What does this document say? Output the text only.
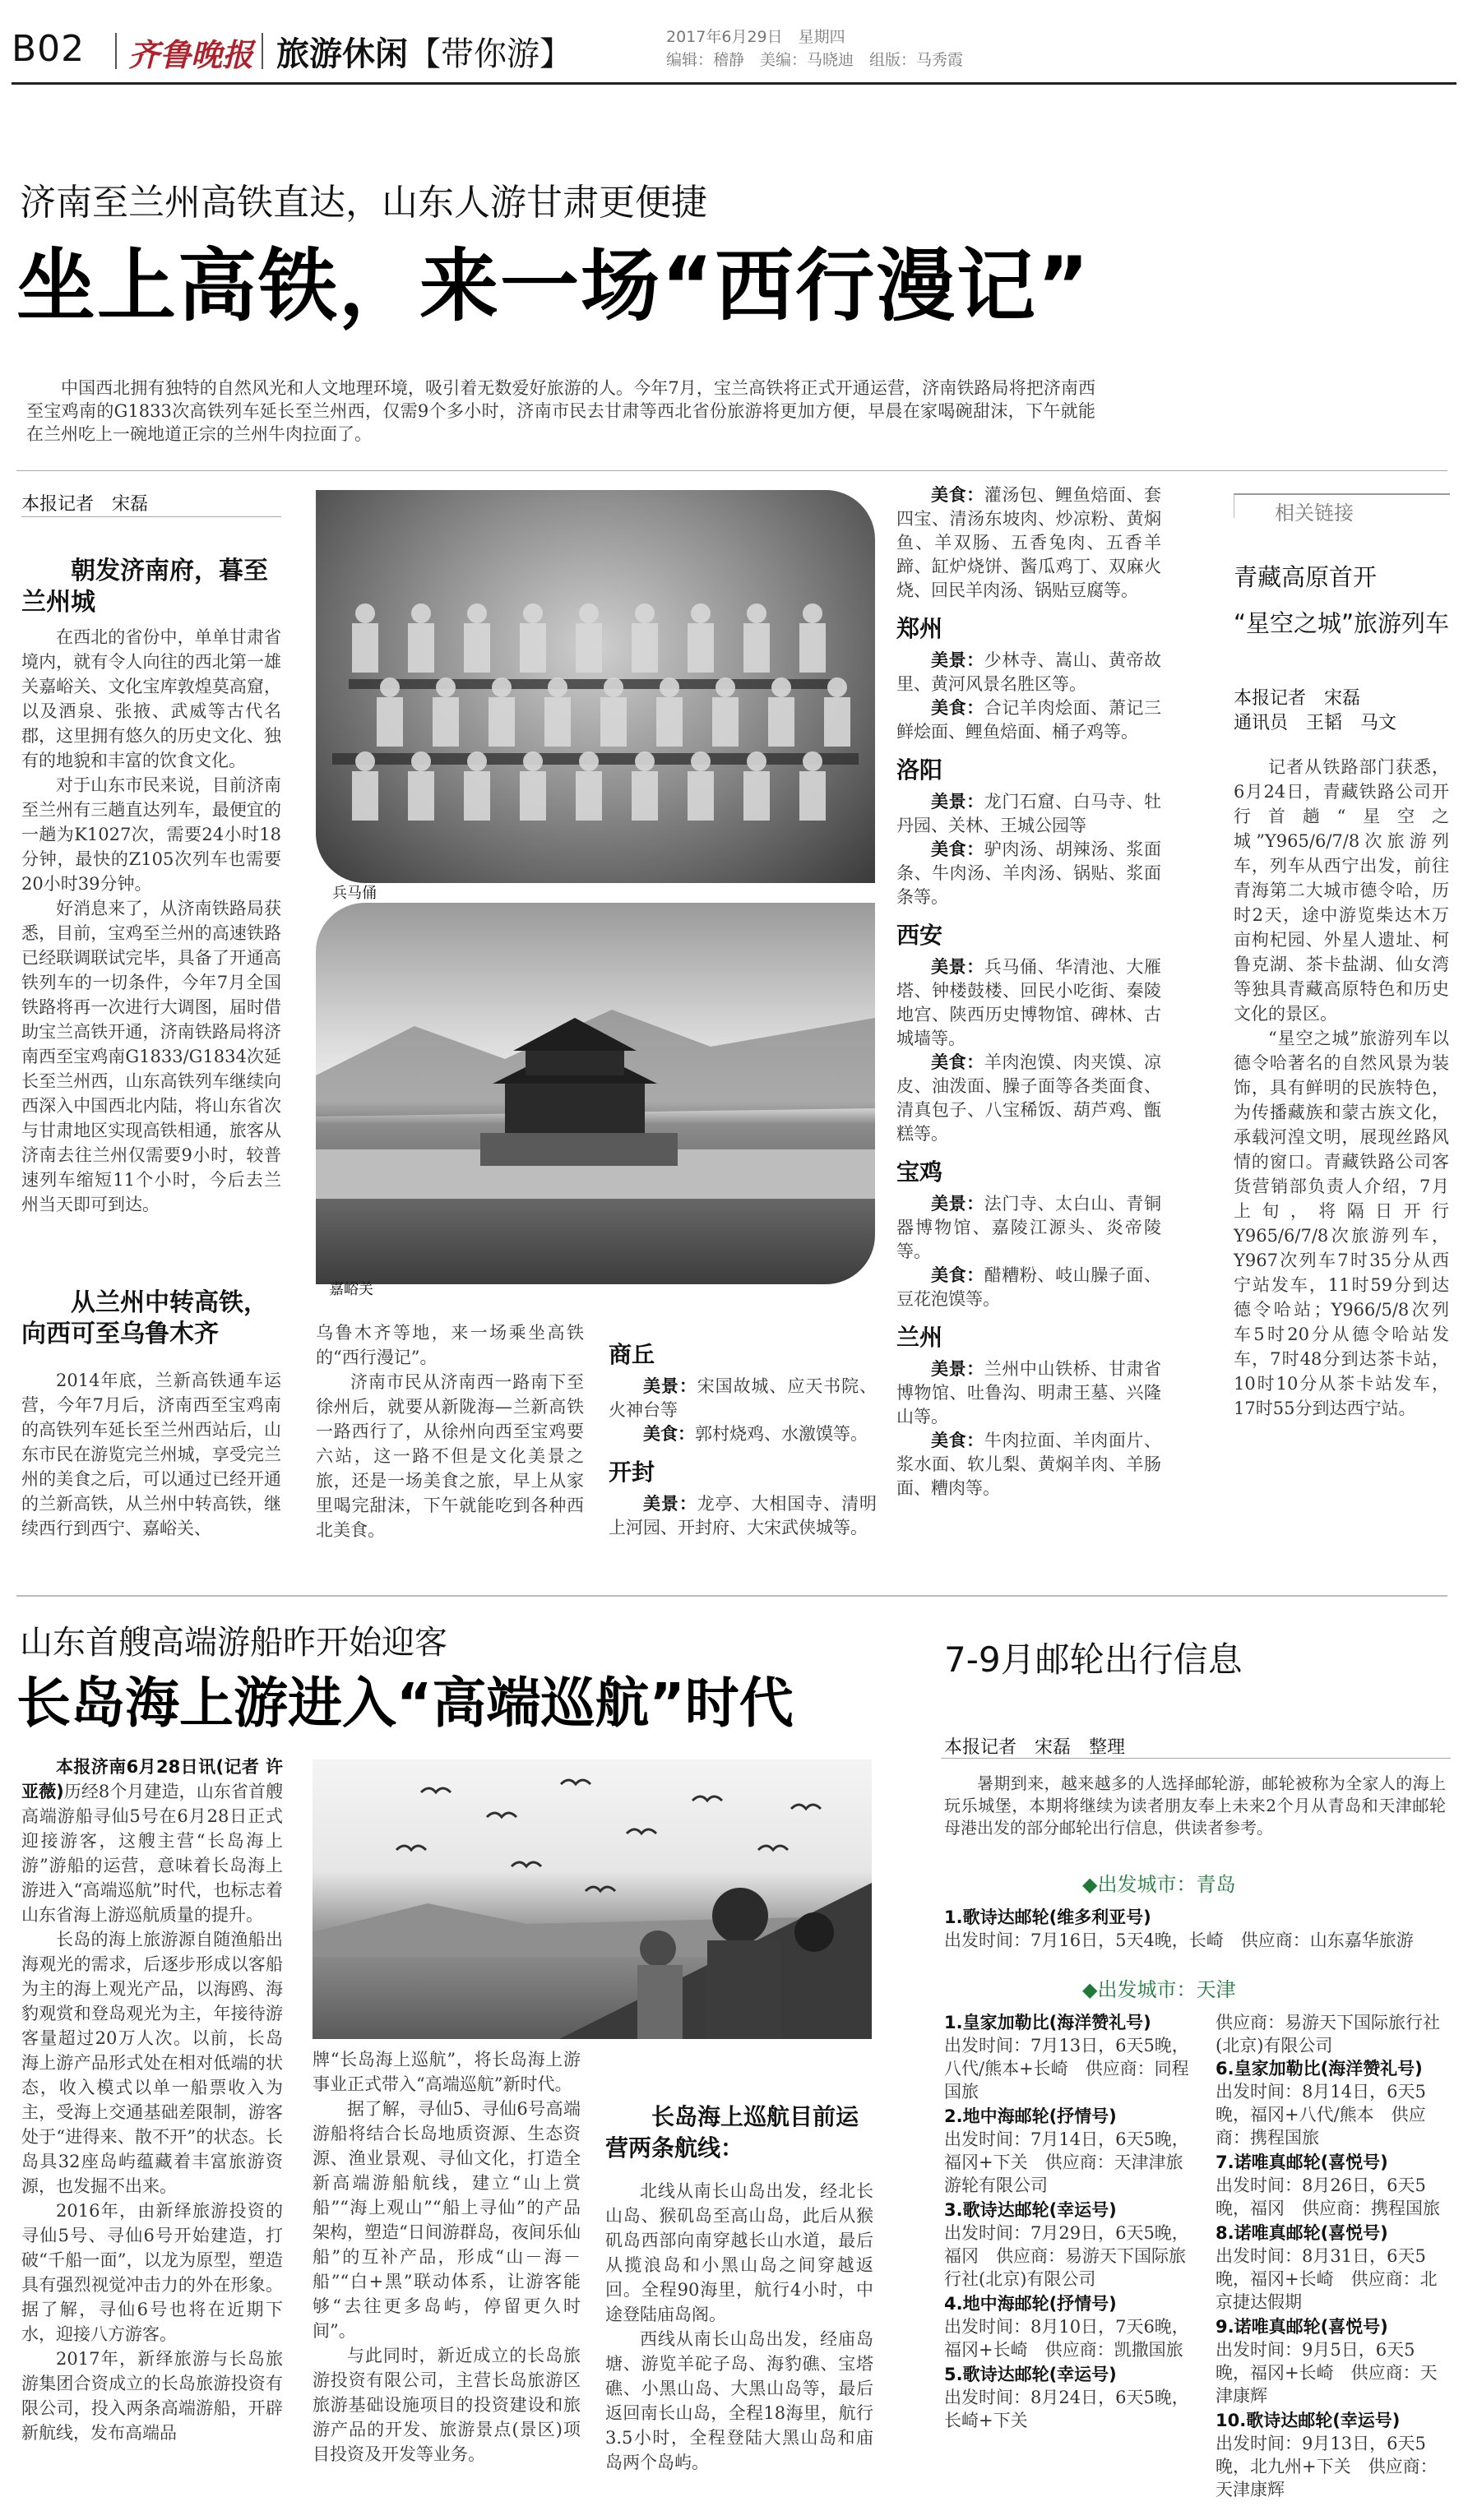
B02 齐鲁晚报 旅游休闲【带你游】	2017年6月29日　星期四
编辑：稽静　美编：马晓迪　组版：马秀霞
济南至兰州高铁直达，山东人游甘肃更便捷
坐上高铁，来一场“西行漫记”

中国西北拥有独特的自然风光和人文地理环境，吸引着无数爱好旅游的人。今年7月，宝兰高铁将正式开通运营，济南铁路局将把济南西至宝鸡南的G1833次高铁列车延长至兰州西，仅需9个多小时，济南市民去甘肃等西北省份旅游将更加方便，早晨在家喝碗甜沫，下午就能在兰州吃上一碗地道正宗的兰州牛肉拉面了。

本报记者　宋磊
朝发济南府，暮至兰州城

在西北的省份中，单单甘肃省境内，就有令人向往的西北第一雄关嘉峪关、文化宝库敦煌莫高窟，以及酒泉、张掖、武威等古代名郡，这里拥有悠久的历史文化、独有的地貌和丰富的饮食文化。

对于山东市民来说，目前济南至兰州有三趟直达列车，最便宜的一趟为K1027次，需要24小时18分钟，最快的Z105次列车也需要20小时39分钟。

好消息来了，从济南铁路局获悉，目前，宝鸡至兰州的高速铁路已经联调联试完毕，具备了开通高铁列车的一切条件，今年7月全国铁路将再一次进行大调图，届时借助宝兰高铁开通，济南铁路局将济南西至宝鸡南G1833/G1834次延长至兰州西，山东高铁列车继续向西深入中国西北内陆，将山东省次与甘肃地区实现高铁相通，旅客从济南去往兰州仅需要9小时，较普速列车缩短11个小时，今后去兰州当天即可到达。

从兰州中转高铁，向西可至乌鲁木齐

2014年底，兰新高铁通车运营，今年7月后，济南西至宝鸡南的高铁列车延长至兰州西站后，山东市民在游览完兰州城，享受完兰州的美食之后，可以通过已经开通的兰新高铁，从兰州中转高铁，继续西行到西宁、嘉峪关、

兵马俑
嘉峪关

乌鲁木齐等地，来一场乘坐高铁的“西行漫记”。

济南市民从济南西一路南下至徐州后，就要从新陇海—兰新高铁一路西行了，从徐州向西至宝鸡要六站，这一路不但是文化美景之旅，还是一场美食之旅，早上从家里喝完甜沫，下午就能吃到各种西北美食。

商丘
美景：宋国故城、应天书院、火神台等
美食：郭村烧鸡、水激馍等。
开封
美景：龙亭、大相国寺、清明上河园、开封府、大宋武侠城等。
美食：灌汤包、鲤鱼焙面、套四宝、清汤东坡肉、炒凉粉、黄焖鱼、羊双肠、五香兔肉、五香羊蹄、缸炉烧饼、酱瓜鸡丁、双麻火烧、回民羊肉汤、锅贴豆腐等。
郑州
美景：少林寺、嵩山、黄帝故里、黄河风景名胜区等。
美食：合记羊肉烩面、萧记三鲜烩面、鲤鱼焙面、桶子鸡等。
洛阳
美景：龙门石窟、白马寺、牡丹园、关林、王城公园等
美食：驴肉汤、胡辣汤、浆面条、牛肉汤、羊肉汤、锅贴、浆面条等。
西安
美景：兵马俑、华清池、大雁塔、钟楼鼓楼、回民小吃街、秦陵地宫、陕西历史博物馆、碑林、古城墙等。
美食：羊肉泡馍、肉夹馍、凉皮、油泼面、臊子面等各类面食、清真包子、八宝稀饭、葫芦鸡、甑糕等。
宝鸡
美景：法门寺、太白山、青铜器博物馆、嘉陵江源头、炎帝陵等。
美食：醋糟粉、岐山臊子面、豆花泡馍等。
兰州
美景：兰州中山铁桥、甘肃省博物馆、吐鲁沟、明肃王墓、兴隆山等。
美食：牛肉拉面、羊肉面片、浆水面、软儿梨、黄焖羊肉、羊肠面、糟肉等。
相关链接
青藏高原首开
“星空之城”旅游列车
本报记者　宋磊
通讯员　王韬　马文

记者从铁路部门获悉，6月24日，青藏铁路公司开行首趟“星空之城”Y965/6/7/8次旅游列车，列车从西宁出发，前往青海第二大城市德令哈，历时2天，途中游览柴达木万亩枸杞园、外星人遗址、柯鲁克湖、茶卡盐湖、仙女湾等独具青藏高原特色和历史文化的景区。

“星空之城”旅游列车以德令哈著名的自然风景为装饰，具有鲜明的民族特色，为传播藏族和蒙古族文化，承载河湟文明，展现丝路风情的窗口。青藏铁路公司客货营销部负责人介绍，7月上旬，将隔日开行Y965/6/7/8次旅游列车，Y967次列车7时35分从西宁站发车，11时59分到达德令哈站；Y966/5/8次列车5时20分从德令哈站发车，7时48分到达茶卡站，10时10分从茶卡站发车，17时55分到达西宁站。

山东首艘高端游船昨开始迎客
长岛海上游进入“高端巡航”时代

本报济南6月28日讯(记者 许亚薇)历经8个月建造，山东省首艘高端游船寻仙5号在6月28日正式迎接游客，这艘主营“长岛海上游”游船的运营，意味着长岛海上游进入“高端巡航”时代，也标志着山东省海上游巡航质量的提升。

长岛的海上旅游源自随渔船出海观光的需求，后逐步形成以客船为主的海上观光产品，以海鸥、海豹观赏和登岛观光为主，年接待游客量超过20万人次。以前，长岛海上游产品形式处在相对低端的状态，收入模式以单一船票收入为主，受海上交通基础差限制，游客处于“进得来、散不开”的状态。长岛具32座岛屿蕴藏着丰富旅游资源，也发掘不出来。

2016年，由新绎旅游投资的寻仙5号、寻仙6号开始建造，打破“千船一面”，以龙为原型，塑造具有强烈视觉冲击力的外在形象。据了解，寻仙6号也将在近期下水，迎接八方游客。

2017年，新绎旅游与长岛旅游集团合资成立的长岛旅游投资有限公司，投入两条高端游船，开辟新航线，发布高端品

牌“长岛海上巡航”，将长岛海上游事业正式带入“高端巡航”新时代。

据了解，寻仙5、寻仙6号高端游船将结合长岛地质资源、生态资源、渔业景观、寻仙文化，打造全新高端游船航线，建立“山上赏船”“海上观山”“船上寻仙”的产品架构，塑造“日间游群岛，夜间乐仙船”的互补产品，形成“山－海－船”“白+黑”联动体系，让游客能够“去往更多岛屿，停留更久时间”。

与此同时，新近成立的长岛旅游投资有限公司，主营长岛旅游区旅游基础设施项目的投资建设和旅游产品的开发、旅游景点(景区)项目投资及开发等业务。

长岛海上巡航目前运营两条航线：

北线从南长山岛出发，经北长山岛、猴矶岛至高山岛，此后从猴矶岛西部向南穿越长山水道，最后从揽浪岛和小黑山岛之间穿越返回。全程90海里，航行4小时，中途登陆庙岛阁。

西线从南长山岛出发，经庙岛塘、游览羊砣子岛、海豹礁、宝塔礁、小黑山岛、大黑山岛等，最后返回南长山岛，全程18海里，航行3.5小时，全程登陆大黑山岛和庙岛两个岛屿。

7-9月邮轮出行信息
本报记者　宋磊　整理

暑期到来，越来越多的人选择邮轮游，邮轮被称为全家人的海上玩乐城堡，本期将继续为读者朋友奉上未来2个月从青岛和天津邮轮母港出发的部分邮轮出行信息，供读者参考。

◆出发城市：青岛
1.歌诗达邮轮(维多利亚号)
出发时间：7月16日，5天4晚，长崎　供应商：山东嘉华旅游
◆出发城市：天津
1.皇家加勒比(海洋赞礼号)
出发时间：7月13日，6天5晚，八代/熊本+长崎　供应商：同程国旅
2.地中海邮轮(抒情号)
出发时间：7月14日，6天5晚，福冈+下关　供应商：天津津旅游轮有限公司
3.歌诗达邮轮(幸运号)
出发时间：7月29日，6天5晚，福冈　供应商：易游天下国际旅行社(北京)有限公司
4.地中海邮轮(抒情号)
出发时间：8月10日，7天6晚，福冈+长崎　供应商：凯撒国旅
5.歌诗达邮轮(幸运号)
出发时间：8月24日，6天5晚，长崎+下关
供应商：易游天下国际旅行社(北京)有限公司
6.皇家加勒比(海洋赞礼号)
出发时间：8月14日，6天5晚，福冈+八代/熊本　供应商：携程国旅
7.诺唯真邮轮(喜悦号)
出发时间：8月26日，6天5晚，福冈　供应商：携程国旅
8.诺唯真邮轮(喜悦号)
出发时间：8月31日，6天5晚，福冈+长崎　供应商：北京捷达假期
9.诺唯真邮轮(喜悦号)
出发时间：9月5日，6天5晚，福冈+长崎　供应商：天津康辉
10.歌诗达邮轮(幸运号)
出发时间：9月13日，6天5晚，北九州+下关　供应商：天津康辉
